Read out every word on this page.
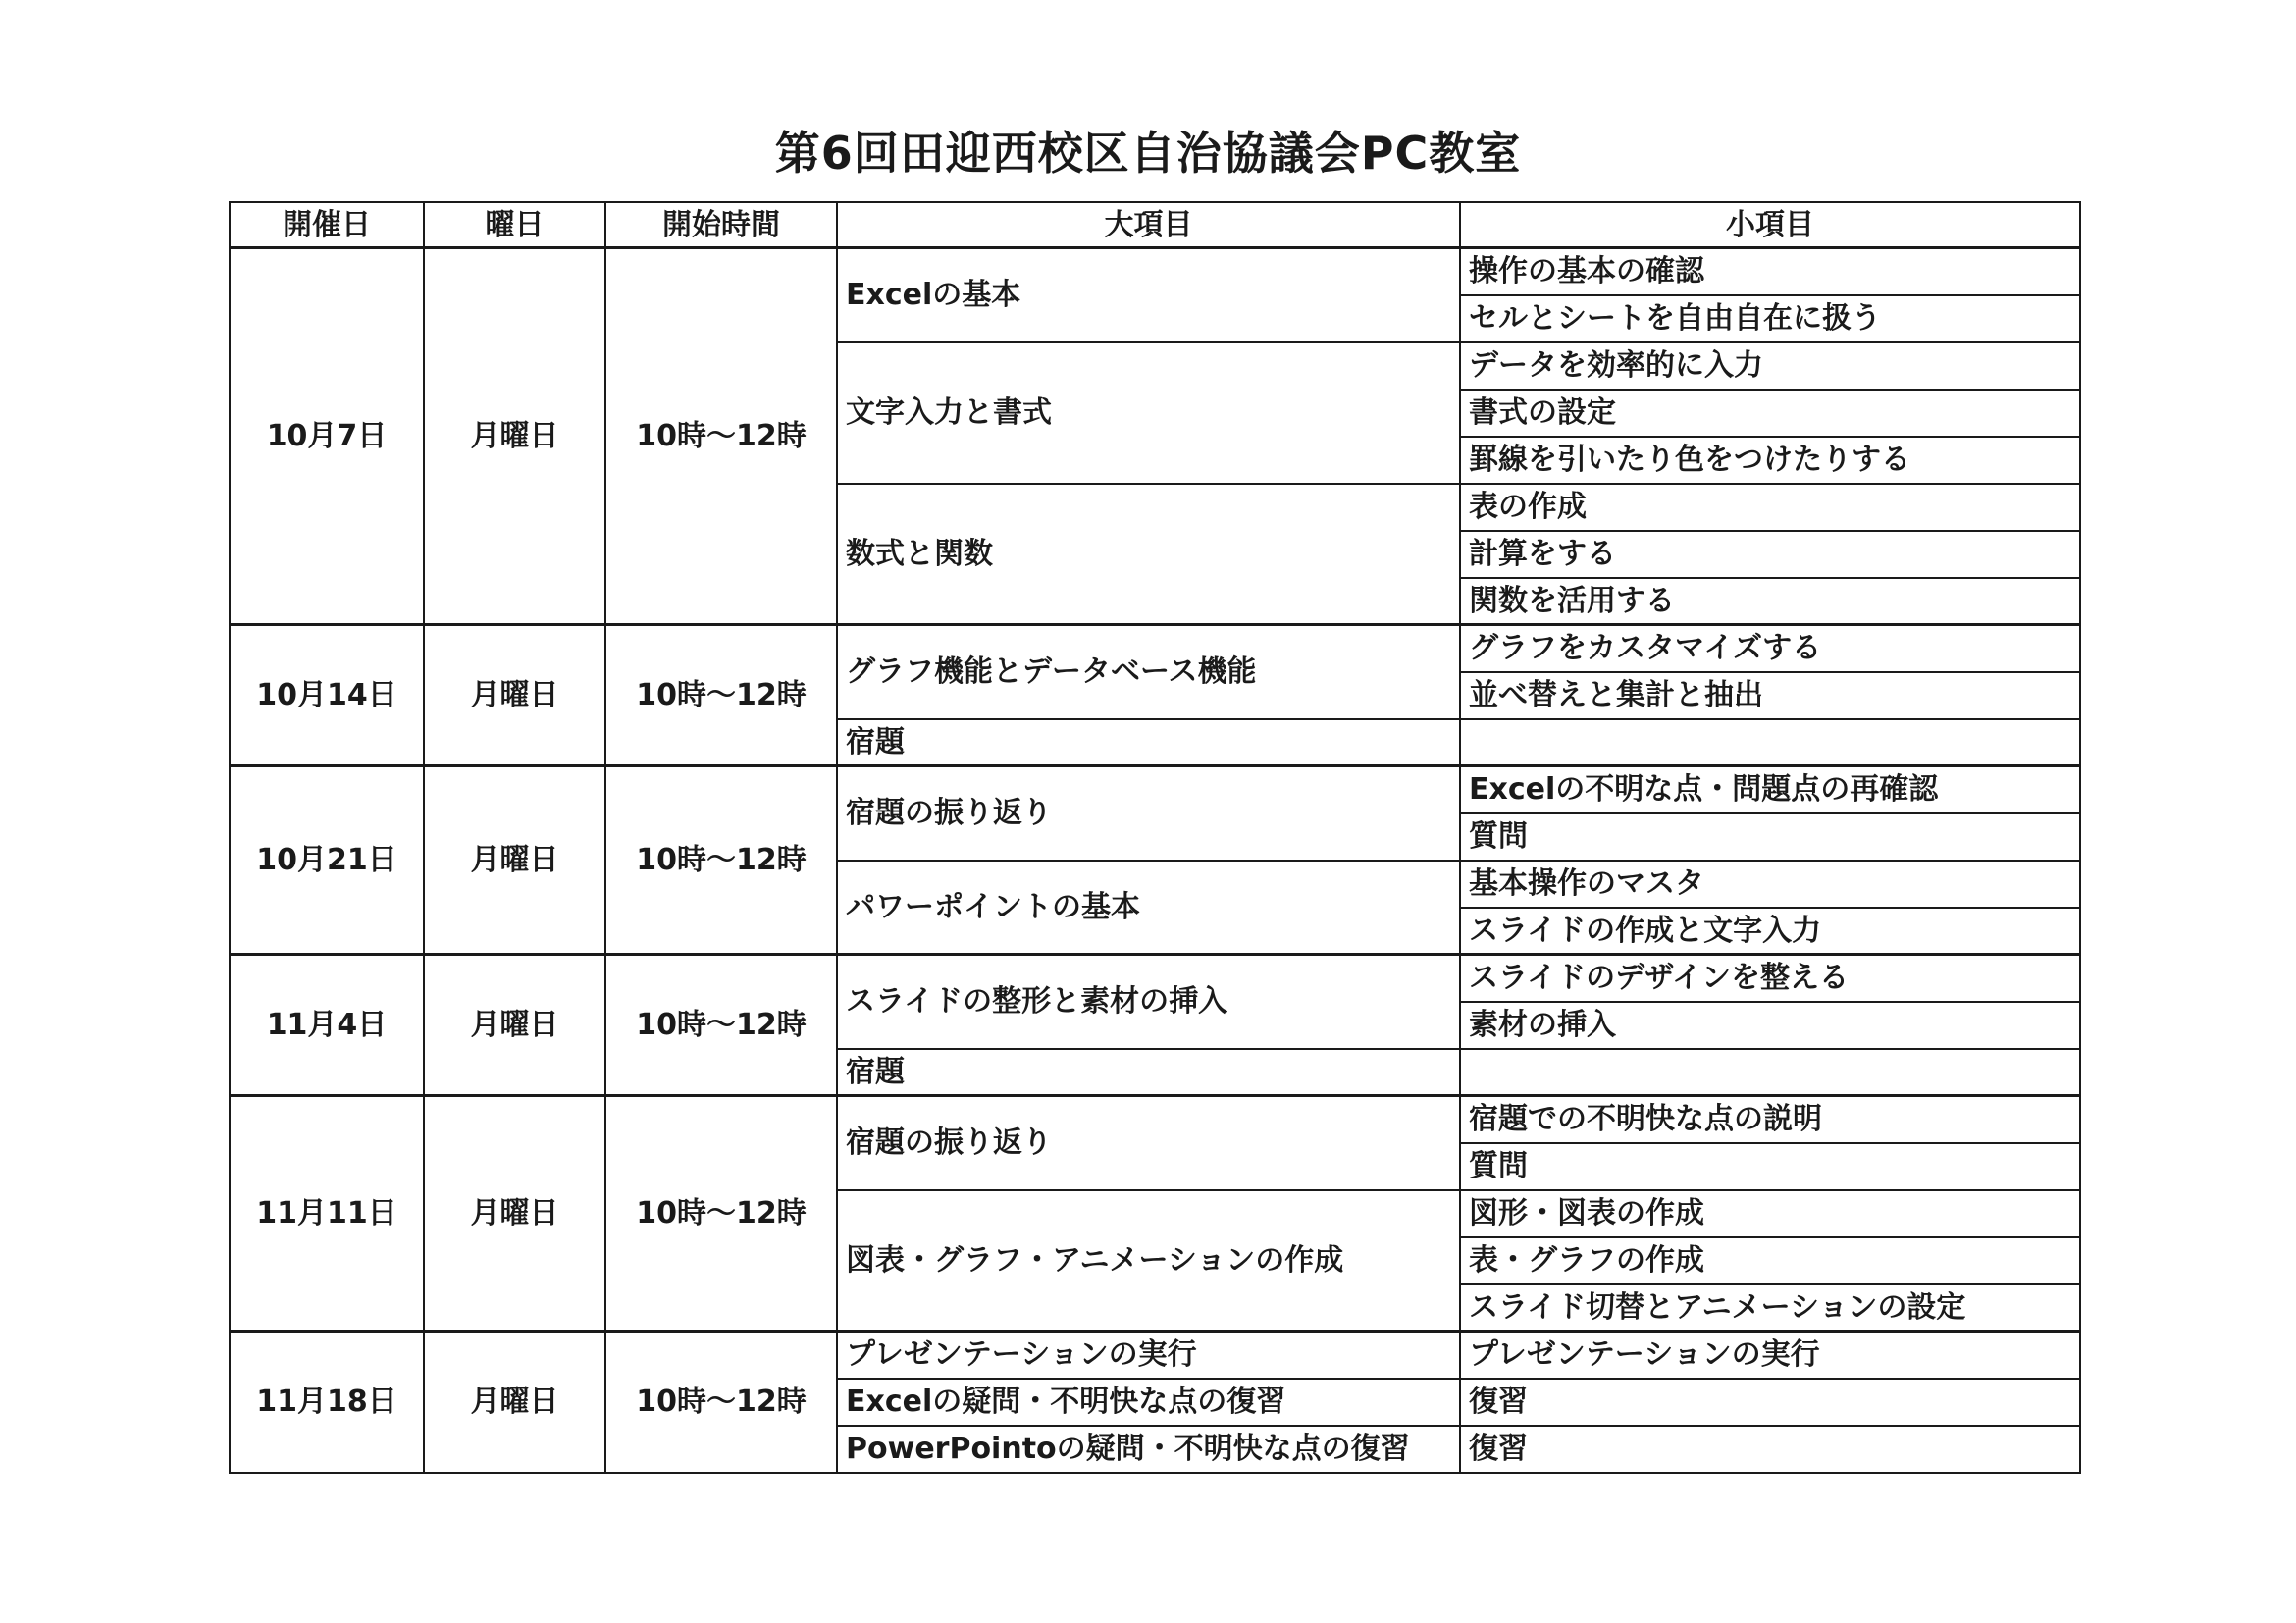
第6回田迎西校区自治協議会PC教室
開催日	曜日	開始時間	大項目	小項目
10月7日	月曜日	10時～12時	Excelの基本	操作の基本の確認
				セルとシートを自由自在に扱う
			文字入力と書式	データを効率的に入力
				書式の設定
				罫線を引いたり色をつけたりする
			数式と関数	表の作成
				計算をする
				関数を活用する
10月14日	月曜日	10時～12時	グラフ機能とデータベース機能	グラフをカスタマイズする
				並べ替えと集計と抽出
			宿題	
10月21日	月曜日	10時～12時	宿題の振り返り	Excelの不明な点・問題点の再確認
				質問
			パワーポイントの基本	基本操作のマスタ
				スライドの作成と文字入力
11月4日	月曜日	10時～12時	スライドの整形と素材の挿入	スライドのデザインを整える
				素材の挿入
			宿題	
11月11日	月曜日	10時～12時	宿題の振り返り	宿題での不明快な点の説明
				質問
			図表・グラフ・アニメーションの作成	図形・図表の作成
				表・グラフの作成
				スライド切替とアニメーションの設定
11月18日	月曜日	10時～12時	プレゼンテーションの実行	プレゼンテーションの実行
			Excelの疑問・不明快な点の復習	復習
			PowerPointoの疑問・不明快な点の復習	復習
